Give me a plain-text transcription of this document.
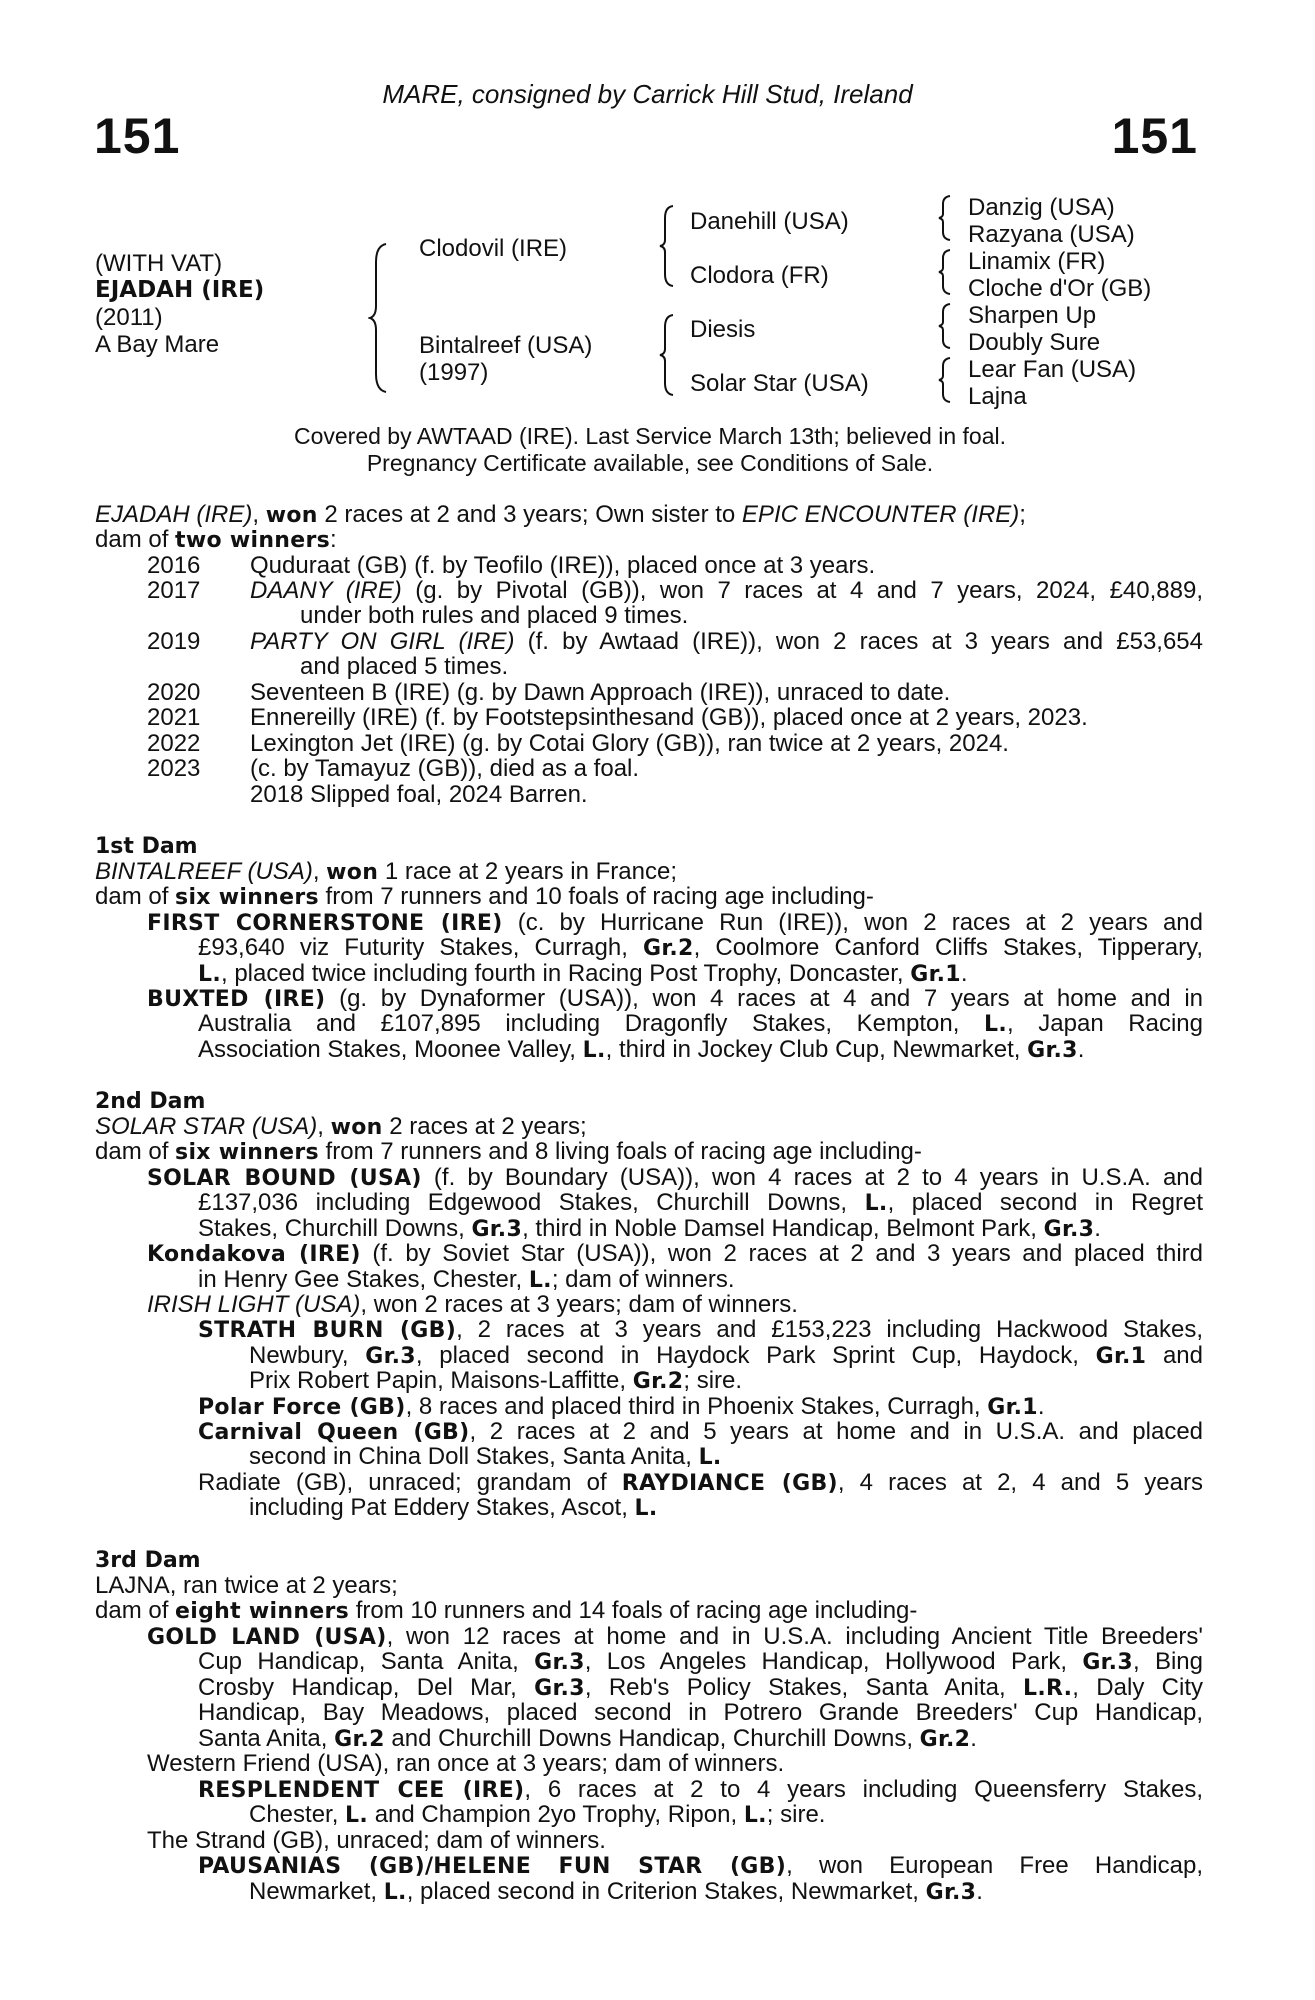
151
MARE, consigned by Carrick Hill Stud, Ireland
151
(WITH VAT)
EJADAH (IRE)
(2011)
A Bay Mare
Clodovil (IRE)
Bintalreef (USA)
(1997)
Danehill (USA)
Clodora (FR)
Diesis
Solar Star (USA)
Danzig (USA)
Razyana (USA)
Linamix (FR)
Cloche d'Or (GB)
Sharpen Up
Doubly Sure
Lear Fan (USA)
Lajna
Covered by AWTAAD (IRE). Last Service March 13th; believed in foal.
Pregnancy Certificate available, see Conditions of Sale.
EJADAH (IRE), won 2 races at 2 and 3 years; Own sister to EPIC ENCOUNTER (IRE);
dam of two winners:
2016 Quduraat (GB) (f. by Teofilo (IRE)), placed once at 3 years.
2017 DAANY (IRE) (g. by Pivotal (GB)), won 7 races at 4 and 7 years, 2024, £40,889,
under both rules and placed 9 times.
2019 PARTY ON GIRL (IRE) (f. by Awtaad (IRE)), won 2 races at 3 years and £53,654
and placed 5 times.
2020 Seventeen B (IRE) (g. by Dawn Approach (IRE)), unraced to date.
2021 Ennereilly (IRE) (f. by Footstepsinthesand (GB)), placed once at 2 years, 2023.
2022 Lexington Jet (IRE) (g. by Cotai Glory (GB)), ran twice at 2 years, 2024.
2023 (c. by Tamayuz (GB)), died as a foal.
2018 Slipped foal, 2024 Barren.
1st Dam
BINTALREEF (USA), won 1 race at 2 years in France;
dam of six winners from 7 runners and 10 foals of racing age including-
FIRST CORNERSTONE (IRE) (c. by Hurricane Run (IRE)), won 2 races at 2 years and
£93,640 viz Futurity Stakes, Curragh, Gr.2, Coolmore Canford Cliffs Stakes, Tipperary,
L., placed twice including fourth in Racing Post Trophy, Doncaster, Gr.1.
BUXTED (IRE) (g. by Dynaformer (USA)), won 4 races at 4 and 7 years at home and in
Australia and £107,895 including Dragonfly Stakes, Kempton, L., Japan Racing
Association Stakes, Moonee Valley, L., third in Jockey Club Cup, Newmarket, Gr.3.
2nd Dam
SOLAR STAR (USA), won 2 races at 2 years;
dam of six winners from 7 runners and 8 living foals of racing age including-
SOLAR BOUND (USA) (f. by Boundary (USA)), won 4 races at 2 to 4 years in U.S.A. and
£137,036 including Edgewood Stakes, Churchill Downs, L., placed second in Regret
Stakes, Churchill Downs, Gr.3, third in Noble Damsel Handicap, Belmont Park, Gr.3.
Kondakova (IRE) (f. by Soviet Star (USA)), won 2 races at 2 and 3 years and placed third
in Henry Gee Stakes, Chester, L.; dam of winners.
IRISH LIGHT (USA), won 2 races at 3 years; dam of winners.
STRATH BURN (GB), 2 races at 3 years and £153,223 including Hackwood Stakes,
Newbury, Gr.3, placed second in Haydock Park Sprint Cup, Haydock, Gr.1 and
Prix Robert Papin, Maisons-Laffitte, Gr.2; sire.
Polar Force (GB), 8 races and placed third in Phoenix Stakes, Curragh, Gr.1.
Carnival Queen (GB), 2 races at 2 and 5 years at home and in U.S.A. and placed
second in China Doll Stakes, Santa Anita, L.
Radiate (GB), unraced; grandam of RAYDIANCE (GB), 4 races at 2, 4 and 5 years
including Pat Eddery Stakes, Ascot, L.
3rd Dam
LAJNA, ran twice at 2 years;
dam of eight winners from 10 runners and 14 foals of racing age including-
GOLD LAND (USA), won 12 races at home and in U.S.A. including Ancient Title Breeders'
Cup Handicap, Santa Anita, Gr.3, Los Angeles Handicap, Hollywood Park, Gr.3, Bing
Crosby Handicap, Del Mar, Gr.3, Reb's Policy Stakes, Santa Anita, L.R., Daly City
Handicap, Bay Meadows, placed second in Potrero Grande Breeders' Cup Handicap,
Santa Anita, Gr.2 and Churchill Downs Handicap, Churchill Downs, Gr.2.
Western Friend (USA), ran once at 3 years; dam of winners.
RESPLENDENT CEE (IRE), 6 races at 2 to 4 years including Queensferry Stakes,
Chester, L. and Champion 2yo Trophy, Ripon, L.; sire.
The Strand (GB), unraced; dam of winners.
PAUSANIAS (GB)/HELENE FUN STAR (GB), won European Free Handicap,
Newmarket, L., placed second in Criterion Stakes, Newmarket, Gr.3.
